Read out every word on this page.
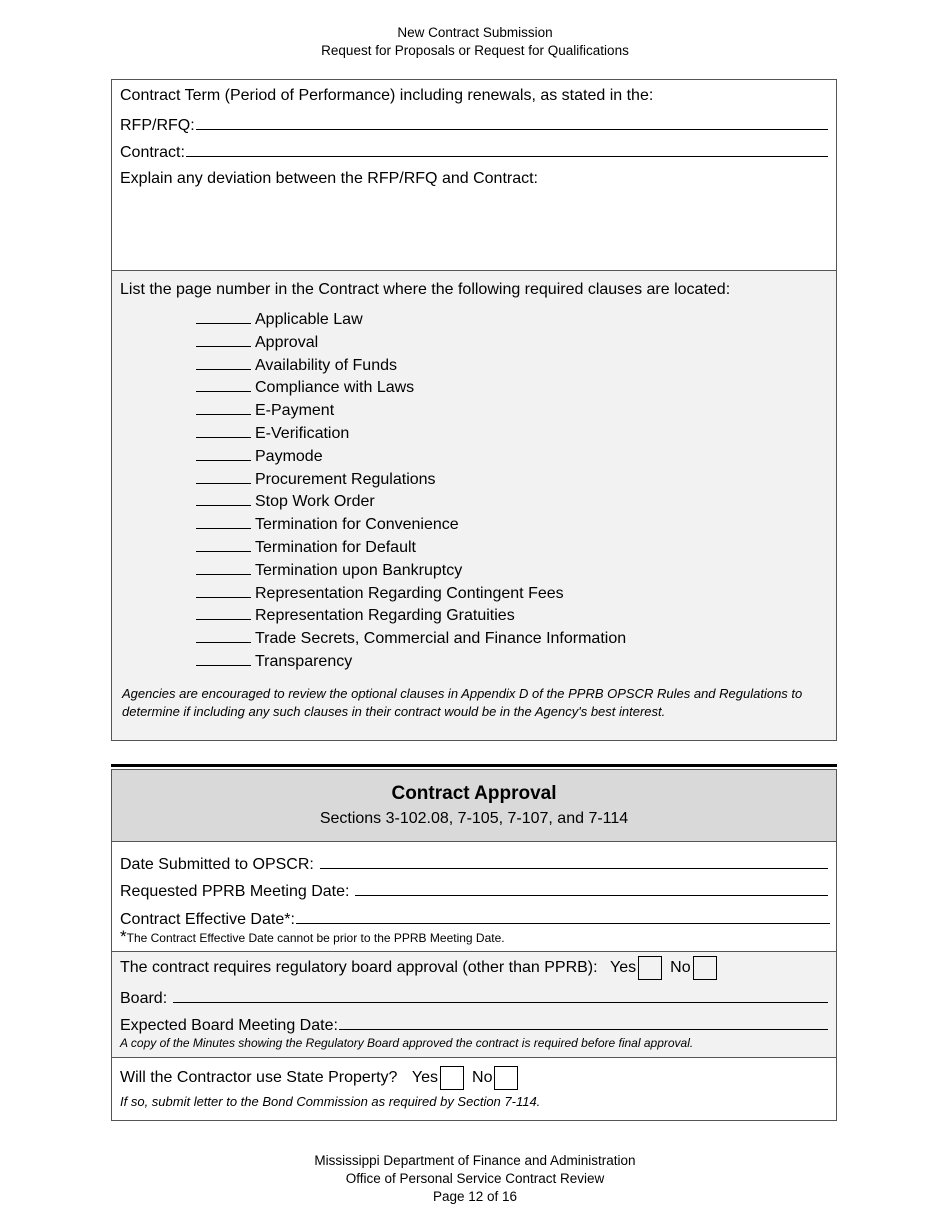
New Contract Submission
Request for Proposals or Request for Qualifications
Contract Term (Period of Performance) including renewals, as stated in the:
RFP/RFQ:
Contract:
Explain any deviation between the RFP/RFQ and Contract:
List the page number in the Contract where the following required clauses are located:
Applicable Law
Approval
Availability of Funds
Compliance with Laws
E-Payment
E-Verification
Paymode
Procurement Regulations
Stop Work Order
Termination for Convenience
Termination for Default
Termination upon Bankruptcy
Representation Regarding Contingent Fees
Representation Regarding Gratuities
Trade Secrets, Commercial and Finance Information
Transparency
Agencies are encouraged to review the optional clauses in Appendix D of the PPRB OPSCR Rules and Regulations to determine if including any such clauses in their contract would be in the Agency's best interest.
Contract Approval
Sections 3-102.08, 7-105, 7-107, and 7-114
Date Submitted to OPSCR:
Requested PPRB Meeting Date:
Contract Effective Date*:
*The Contract Effective Date cannot be prior to the PPRB Meeting Date.
The contract requires regulatory board approval (other than PPRB): Yes No
Board:
Expected Board Meeting Date:
A copy of the Minutes showing the Regulatory Board approved the contract is required before final approval.
Will the Contractor use State Property? Yes No
If so, submit letter to the Bond Commission as required by Section 7-114.
Mississippi Department of Finance and Administration
Office of Personal Service Contract Review
Page 12 of 16
